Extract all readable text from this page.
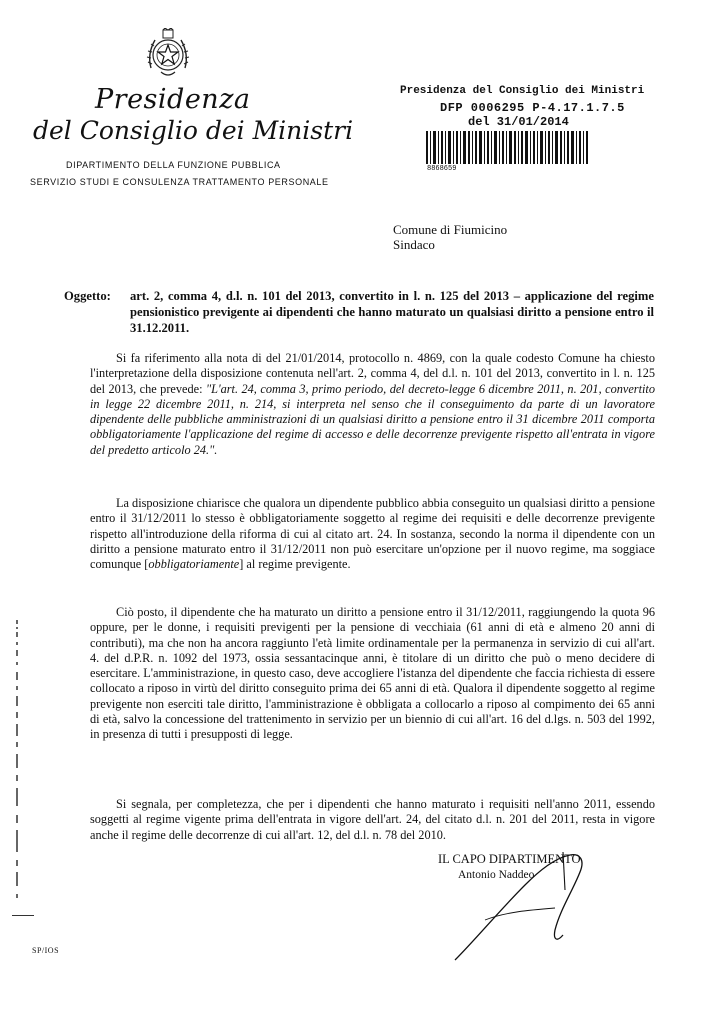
Presidenza
del Consiglio dei Ministri
DIPARTIMENTO DELLA FUNZIONE PUBBLICA
SERVIZIO STUDI E CONSULENZA TRATTAMENTO PERSONALE
Presidenza del Consiglio dei Ministri
DFP 0006295 P-4.17.1.7.5
del 31/01/2014
8868659
Comune di Fiumicino
Sindaco
Oggetto: art. 2, comma 4, d.l. n. 101 del 2013, convertito in l. n. 125 del 2013 – applicazione del regime pensionistico previgente ai dipendenti che hanno maturato un qualsiasi diritto a pensione entro il 31.12.2011.

Si fa riferimento alla nota di del 21/01/2014, protocollo n. 4869, con la quale codesto Comune ha chiesto l'interpretazione della disposizione contenuta nell'art. 2, comma 4, del d.l. n. 101 del 2013, convertito in l. n. 125 del 2013, che prevede: "L'art. 24, comma 3, primo periodo, del decreto-legge 6 dicembre 2011, n. 201, convertito in legge 22 dicembre 2011, n. 214, si interpreta nel senso che il conseguimento da parte di un lavoratore dipendente delle pubbliche amministrazioni di un qualsiasi diritto a pensione entro il 31 dicembre 2011 comporta obbligatoriamente l'applicazione del regime di accesso e delle decorrenze previgente rispetto all'entrata in vigore del predetto articolo 24.".

La disposizione chiarisce che qualora un dipendente pubblico abbia conseguito un qualsiasi diritto a pensione entro il 31/12/2011 lo stesso è obbligatoriamente soggetto al regime dei requisiti e delle decorrenze previgente rispetto all'introduzione della riforma di cui al citato art. 24. In sostanza, secondo la norma il dipendente con un diritto a pensione maturato entro il 31/12/2011 non può esercitare un'opzione per il nuovo regime, ma soggiace comunque [obbligatoriamente] al regime previgente.

Ciò posto, il dipendente che ha maturato un diritto a pensione entro il 31/12/2011, raggiungendo la quota 96 oppure, per le donne, i requisiti previgenti per la pensione di vecchiaia (61 anni di età e almeno 20 anni di contributi), ma che non ha ancora raggiunto l'età limite ordinamentale per la permanenza in servizio di cui all'art. 4. del d.P.R. n. 1092 del 1973, ossia sessantacinque anni, è titolare di un diritto che può o meno decidere di esercitare. L'amministrazione, in questo caso, deve accogliere l'istanza del dipendente che faccia richiesta di essere collocato a riposo in virtù del diritto conseguito prima dei 65 anni di età. Qualora il dipendente soggetto al regime previgente non eserciti tale diritto, l'amministrazione è obbligata a collocarlo a riposo al compimento dei 65 anni di età, salvo la concessione del trattenimento in servizio per un biennio di cui all'art. 16 del d.lgs. n. 503 del 1992, in presenza di tutti i presupposti di legge.

Si segnala, per completezza, che per i dipendenti che hanno maturato i requisiti nell'anno 2011, essendo soggetti al regime vigente prima dell'entrata in vigore dell'art. 24, del citato d.l. n. 201 del 2011, resta in vigore anche il regime delle decorrenze di cui all'art. 12, del d.l. n. 78 del 2010.

IL CAPO DIPARTIMENTO
Antonio Naddeo
SP/IOS
